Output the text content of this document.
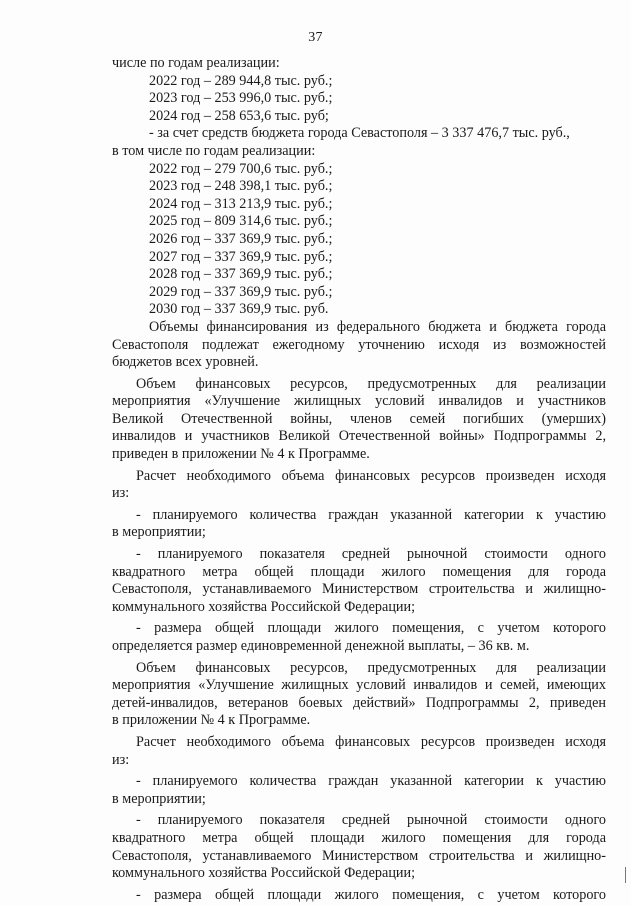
37
числе по годам реализации:
2022 год – 289 944,8 тыс. руб.;
2023 год – 253 996,0 тыс. руб.;
2024 год – 258 653,6 тыс. руб;
- за счет средств бюджета города Севастополя – 3 337 476,7 тыс. руб.,
в том числе по годам реализации:
2022 год – 279 700,6 тыс. руб.;
2023 год – 248 398,1 тыс. руб.;
2024 год – 313 213,9 тыс. руб.;
2025 год – 809 314,6 тыс. руб.;
2026 год – 337 369,9 тыс. руб.;
2027 год – 337 369,9 тыс. руб.;
2028 год – 337 369,9 тыс. руб.;
2029 год – 337 369,9 тыс. руб.;
2030 год – 337 369,9 тыс. руб.
Объемы финансирования из федерального бюджета и бюджета города
Севастополя подлежат ежегодному уточнению исходя из возможностей
бюджетов всех уровней.
Объем финансовых ресурсов, предусмотренных для реализации
мероприятия «Улучшение жилищных условий инвалидов и участников
Великой Отечественной войны, членов семей погибших (умерших)
инвалидов и участников Великой Отечественной войны» Подпрограммы 2,
приведен в приложении № 4 к Программе.
Расчет необходимого объема финансовых ресурсов произведен исходя
из:
- планируемого количества граждан указанной категории к участию
в мероприятии;
- планируемого показателя средней рыночной стоимости одного
квадратного метра общей площади жилого помещения для города
Севастополя, устанавливаемого Министерством строительства и жилищно-
коммунального хозяйства Российской Федерации;
- размера общей площади жилого помещения, с учетом которого
определяется размер единовременной денежной выплаты, – 36 кв. м.
Объем финансовых ресурсов, предусмотренных для реализации
мероприятия «Улучшение жилищных условий инвалидов и семей, имеющих
детей-инвалидов, ветеранов боевых действий» Подпрограммы 2, приведен
в приложении № 4 к Программе.
Расчет необходимого объема финансовых ресурсов произведен исходя
из:
- планируемого количества граждан указанной категории к участию
в мероприятии;
- планируемого показателя средней рыночной стоимости одного
квадратного метра общей площади жилого помещения для города
Севастополя, устанавливаемого Министерством строительства и жилищно-
коммунального хозяйства Российской Федерации;
- размера общей площади жилого помещения, с учетом которого
